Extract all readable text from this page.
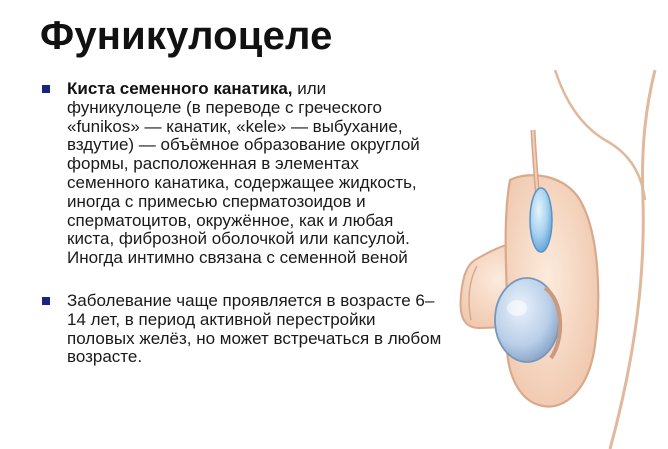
Фуникулоцеле
Киста семенного канатика, или фуникулоцеле (в переводе с греческого «funikos» — канатик, «kele» — выбухание, вздутие) — объёмное образование округлой формы, расположенная в элементах семенного канатика, содержащее жидкость, иногда с примесью сперматозоидов и сперматоцитов, окружённое, как и любая киста, фиброзной оболочкой или капсулой. Иногда интимно связана с семенной веной
Заболевание чаще проявляется в возрасте 6–14 лет, в период активной перестройки половых желёз, но может встречаться в любом возрасте.
